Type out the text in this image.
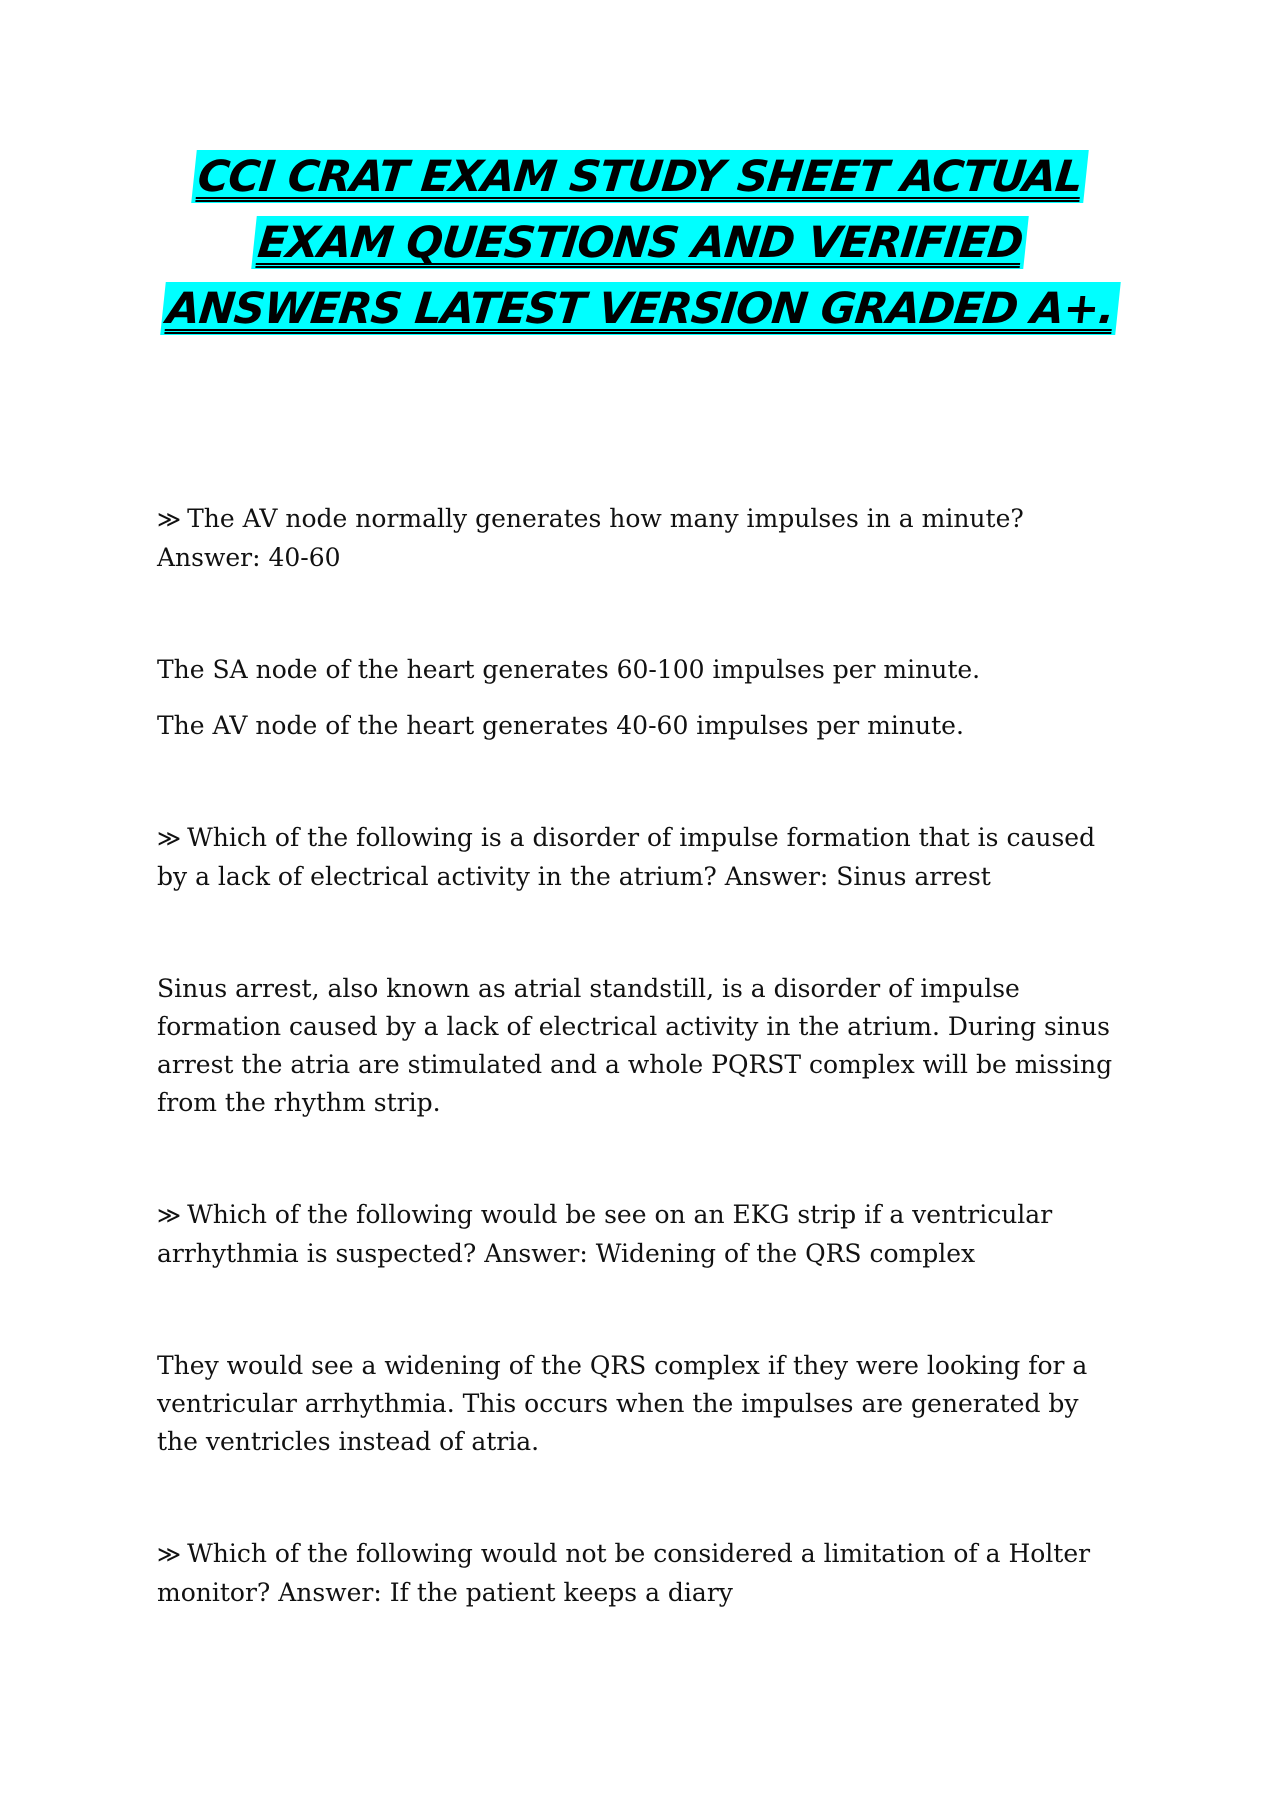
CCI CRAT EXAM STUDY SHEET ACTUAL
EXAM QUESTIONS AND VERIFIED
ANSWERS LATEST VERSION GRADED A+.

≫ The AV node normally generates how many impulses in a minute? Answer: 40-60

The SA node of the heart generates 60-100 impulses per minute.

The AV node of the heart generates 40-60 impulses per minute.

≫ Which of the following is a disorder of impulse formation that is caused by a lack of electrical activity in the atrium? Answer: Sinus arrest

Sinus arrest, also known as atrial standstill, is a disorder of impulse formation caused by a lack of electrical activity in the atrium. During sinus arrest the atria are stimulated and a whole PQRST complex will be missing from the rhythm strip.

≫ Which of the following would be see on an EKG strip if a ventricular arrhythmia is suspected? Answer: Widening of the QRS complex

They would see a widening of the QRS complex if they were looking for a ventricular arrhythmia. This occurs when the impulses are generated by the ventricles instead of atria.

≫ Which of the following would not be considered a limitation of a Holter monitor? Answer: If the patient keeps a diary
